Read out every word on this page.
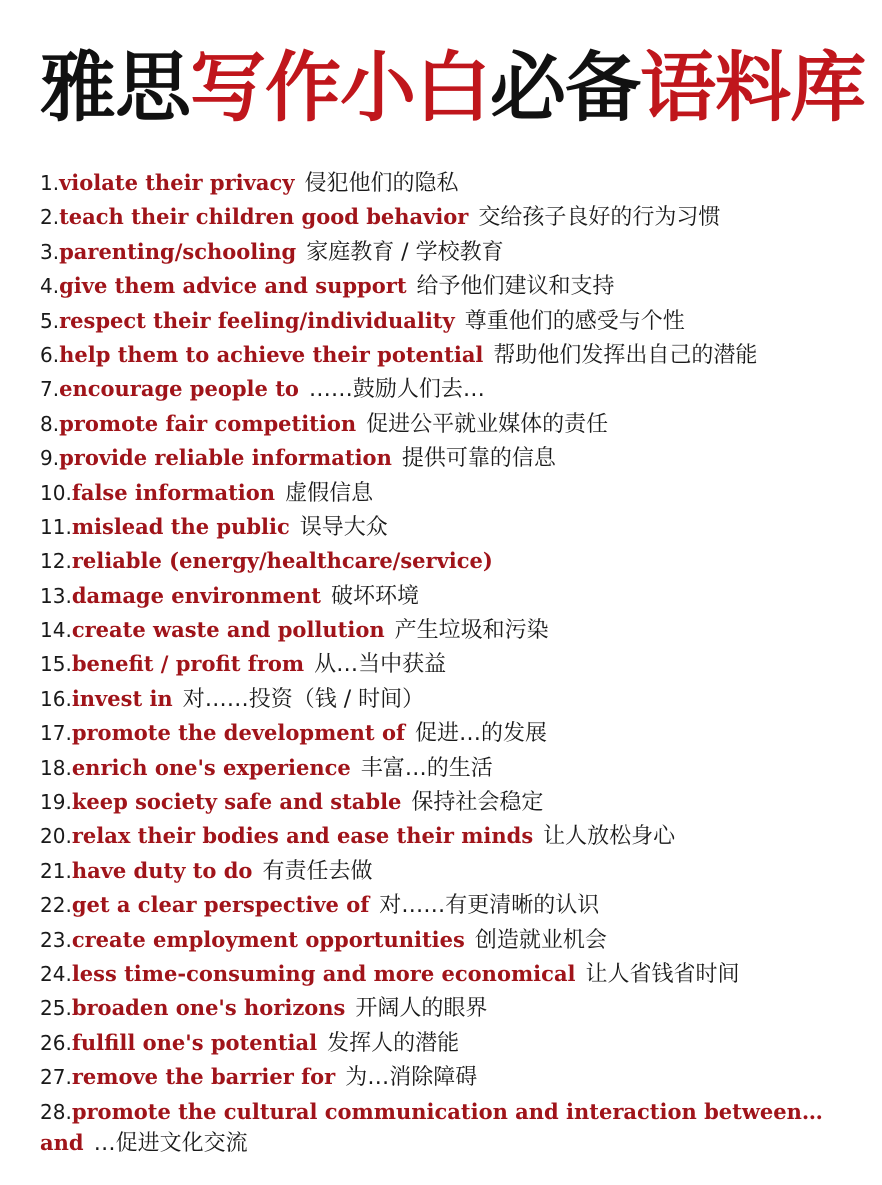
雅思写作小白必备语料库
1.violate their privacy 侵犯他们的隐私
2.teach their children good behavior 交给孩子良好的行为习惯
3.parenting/schooling 家庭教育 / 学校教育
4.give them advice and support 给予他们建议和支持
5.respect their feeling/individuality 尊重他们的感受与个性
6.help them to achieve their potential 帮助他们发挥出自己的潜能
7.encourage people to ……鼓励人们去…
8.promote fair competition 促进公平就业媒体的责任
9.provide reliable information 提供可靠的信息
10.false information 虚假信息
11.mislead the public 误导大众
12.reliable (energy/healthcare/service)
13.damage environment 破坏环境
14.create waste and pollution 产生垃圾和污染
15.benefit / profit from 从…当中获益
16.invest in 对……投资（钱 / 时间）
17.promote the development of 促进…的发展
18.enrich one's experience 丰富…的生活
19.keep society safe and stable 保持社会稳定
20.relax their bodies and ease their minds 让人放松身心
21.have duty to do 有责任去做
22.get a clear perspective of 对……有更清晰的认识
23.create employment opportunities 创造就业机会
24.less time-consuming and more economical 让人省钱省时间
25.broaden one's horizons 开阔人的眼界
26.fulfill one's potential 发挥人的潜能
27.remove the barrier for 为…消除障碍
28.promote the cultural communication and interaction between…and …促进文化交流
